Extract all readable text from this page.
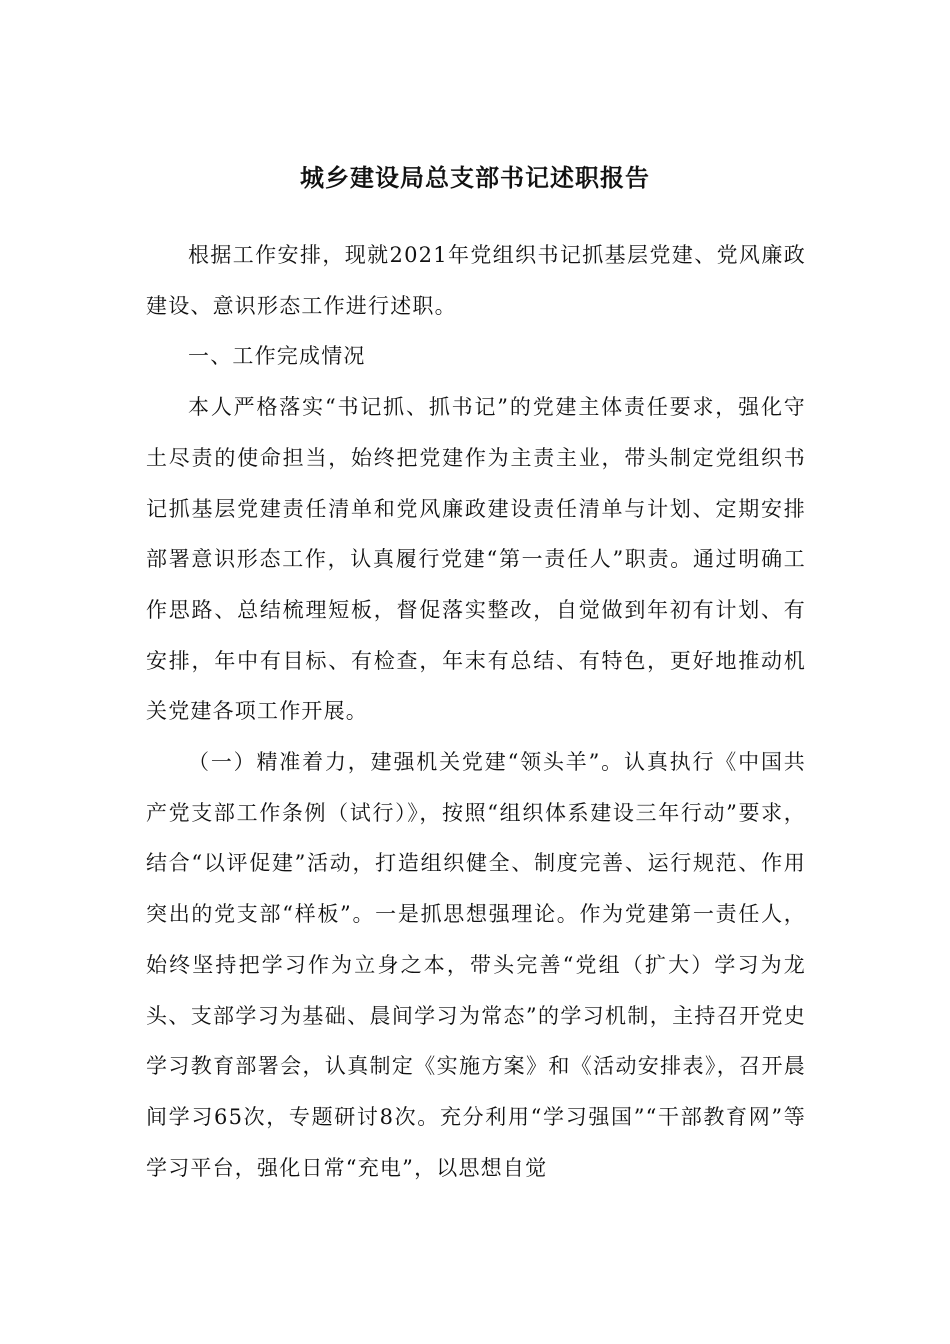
城乡建设局总支部书记述职报告

根据工作安排，现就2021年党组织书记抓基层党建、党风廉政建设、意识形态工作进行述职。

一、工作完成情况

本人严格落实“书记抓、抓书记”的党建主体责任要求，强化守土尽责的使命担当，始终把党建作为主责主业，带头制定党组织书记抓基层党建责任清单和党风廉政建设责任清单与计划、定期安排部署意识形态工作，认真履行党建“第一责任人”职责。通过明确工作思路、总结梳理短板，督促落实整改，自觉做到年初有计划、有安排，年中有目标、有检查，年末有总结、有特色，更好地推动机关党建各项工作开展。

（一）精准着力，建强机关党建“领头羊”。认真执行《中国共产党支部工作条例（试行）》，按照“组织体系建设三年行动”要求，结合“以评促建”活动，打造组织健全、制度完善、运行规范、作用突出的党支部“样板”。一是抓思想强理论。作为党建第一责任人，始终坚持把学习作为立身之本，带头完善“党组（扩大）学习为龙头、支部学习为基础、晨间学习为常态”的学习机制，主持召开党史学习教育部署会，认真制定《实施方案》和《活动安排表》，召开晨间学习65次，专题研讨8次。充分利用“学习强国”“干部教育网”等学习平台，强化日常“充电”，以思想自觉
